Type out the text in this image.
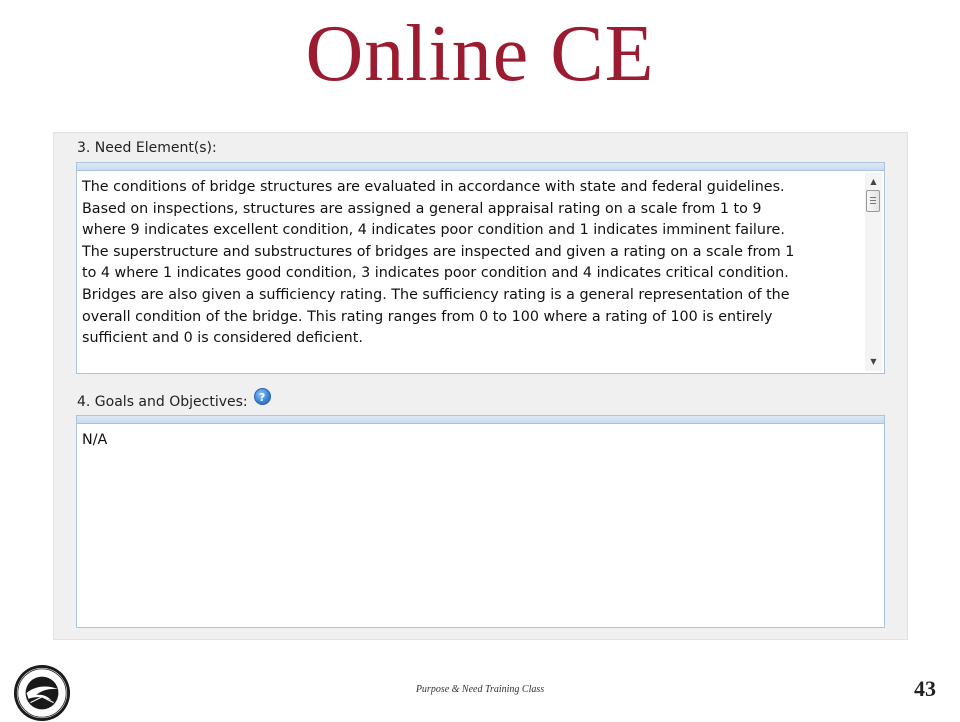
Online CE
3. Need Element(s):
The conditions of bridge structures are evaluated in accordance with state and federal guidelines.
Based on inspections, structures are assigned a general appraisal rating on a scale from 1 to 9
where 9 indicates excellent condition, 4 indicates poor condition and 1 indicates imminent failure.
The superstructure and substructures of bridges are inspected and given a rating on a scale from 1
to 4 where 1 indicates good condition, 3 indicates poor condition and 4 indicates critical condition.
Bridges are also given a sufficiency rating. The sufficiency rating is a general representation of the
overall condition of the bridge. This rating ranges from 0 to 100 where a rating of 100 is entirely
sufficient and 0 is considered deficient.
▲
▼
4. Goals and Objectives:	?
N/A
Purpose & Need Training Class	43
